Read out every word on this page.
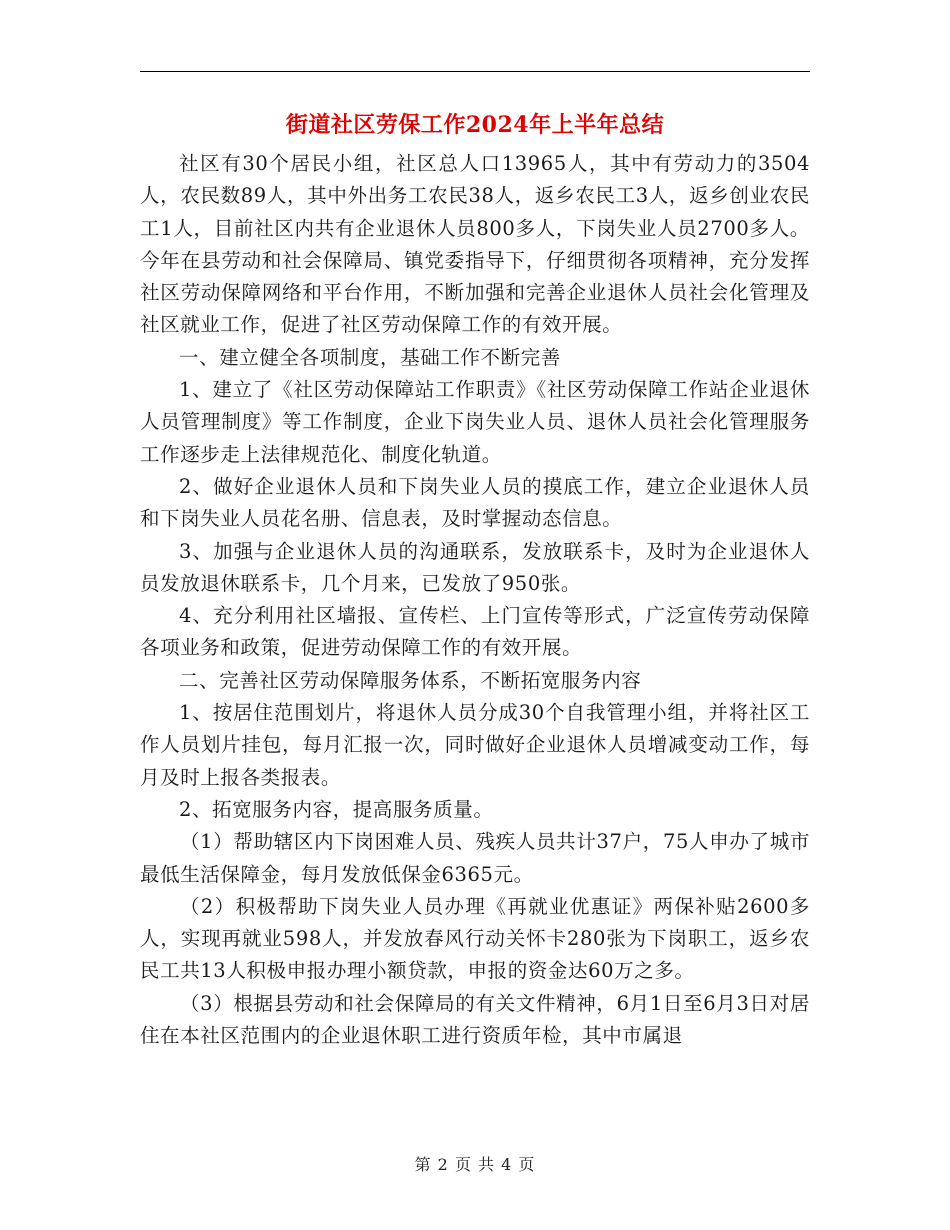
街道社区劳保工作2024年上半年总结

社区有30个居民小组，社区总人口13965人，其中有劳动力的3504人，农民数89人，其中外出务工农民38人，返乡农民工3人，返乡创业农民工1人，目前社区内共有企业退休人员800多人，下岗失业人员2700多人。今年在县劳动和社会保障局、镇党委指导下，仔细贯彻各项精神，充分发挥社区劳动保障网络和平台作用，不断加强和完善企业退休人员社会化管理及社区就业工作，促进了社区劳动保障工作的有效开展。

一、建立健全各项制度，基础工作不断完善

1、建立了《社区劳动保障站工作职责》《社区劳动保障工作站企业退休人员管理制度》等工作制度，企业下岗失业人员、退休人员社会化管理服务工作逐步走上法律规范化、制度化轨道。

2、做好企业退休人员和下岗失业人员的摸底工作，建立企业退休人员和下岗失业人员花名册、信息表，及时掌握动态信息。

3、加强与企业退休人员的沟通联系，发放联系卡，及时为企业退休人员发放退休联系卡，几个月来，已发放了950张。

4、充分利用社区墙报、宣传栏、上门宣传等形式，广泛宣传劳动保障各项业务和政策，促进劳动保障工作的有效开展。

二、完善社区劳动保障服务体系，不断拓宽服务内容

1、按居住范围划片，将退休人员分成30个自我管理小组，并将社区工作人员划片挂包，每月汇报一次，同时做好企业退休人员增减变动工作，每月及时上报各类报表。

2、拓宽服务内容，提高服务质量。

（1）帮助辖区内下岗困难人员、残疾人员共计37户，75人申办了城市最低生活保障金，每月发放低保金6365元。

（2）积极帮助下岗失业人员办理《再就业优惠证》两保补贴2600多人，实现再就业598人，并发放春风行动关怀卡280张为下岗职工，返乡农民工共13人积极申报办理小额贷款，申报的资金达60万之多。

（3）根据县劳动和社会保障局的有关文件精神，6月1日至6月3日对居住在本社区范围内的企业退休职工进行资质年检，其中市属退

第 2 页 共 4 页
